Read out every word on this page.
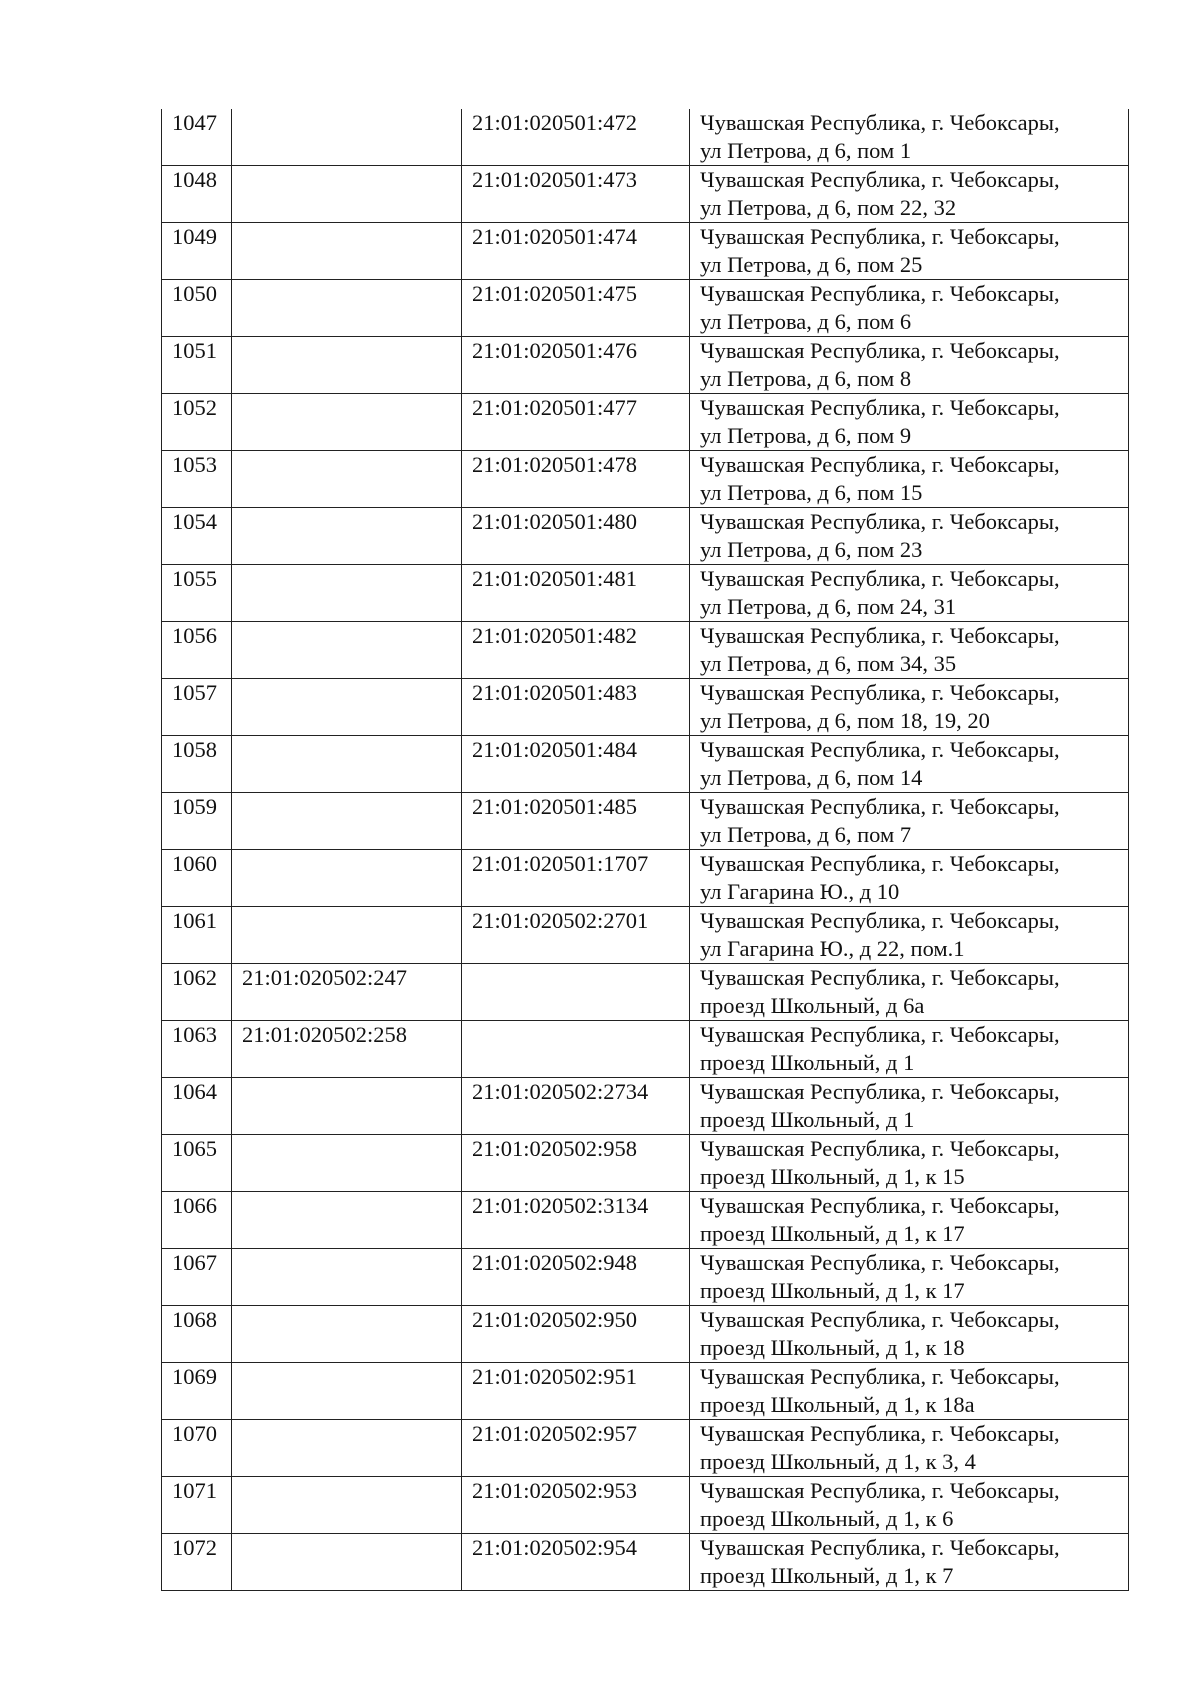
1047		21:01:020501:472	Чувашская Республика, г. Чебоксары,
ул Петрова, д 6, пом 1

1048		21:01:020501:473	Чувашская Республика, г. Чебоксары,
ул Петрова, д 6, пом 22, 32

1049		21:01:020501:474	Чувашская Республика, г. Чебоксары,
ул Петрова, д 6, пом 25

1050		21:01:020501:475	Чувашская Республика, г. Чебоксары,
ул Петрова, д 6, пом 6

1051		21:01:020501:476	Чувашская Республика, г. Чебоксары,
ул Петрова, д 6, пом 8

1052		21:01:020501:477	Чувашская Республика, г. Чебоксары,
ул Петрова, д 6, пом 9

1053		21:01:020501:478	Чувашская Республика, г. Чебоксары,
ул Петрова, д 6, пом 15

1054		21:01:020501:480	Чувашская Республика, г. Чебоксары,
ул Петрова, д 6, пом 23

1055		21:01:020501:481	Чувашская Республика, г. Чебоксары,
ул Петрова, д 6, пом 24, 31

1056		21:01:020501:482	Чувашская Республика, г. Чебоксары,
ул Петрова, д 6, пом 34, 35

1057		21:01:020501:483	Чувашская Республика, г. Чебоксары,
ул Петрова, д 6, пом 18, 19, 20

1058		21:01:020501:484	Чувашская Республика, г. Чебоксары,
ул Петрова, д 6, пом 14

1059		21:01:020501:485	Чувашская Республика, г. Чебоксары,
ул Петрова, д 6, пом 7

1060		21:01:020501:1707	Чувашская Республика, г. Чебоксары,
ул Гагарина Ю., д 10

1061		21:01:020502:2701	Чувашская Республика, г. Чебоксары,
ул Гагарина Ю., д 22, пом.1

1062	21:01:020502:247		Чувашская Республика, г. Чебоксары,
проезд Школьный, д 6а

1063	21:01:020502:258		Чувашская Республика, г. Чебоксары,
проезд Школьный, д 1

1064		21:01:020502:2734	Чувашская Республика, г. Чебоксары,
проезд Школьный, д 1

1065		21:01:020502:958	Чувашская Республика, г. Чебоксары,
проезд Школьный, д 1, к 15

1066		21:01:020502:3134	Чувашская Республика, г. Чебоксары,
проезд Школьный, д 1, к 17

1067		21:01:020502:948	Чувашская Республика, г. Чебоксары,
проезд Школьный, д 1, к 17

1068		21:01:020502:950	Чувашская Республика, г. Чебоксары,
проезд Школьный, д 1, к 18

1069		21:01:020502:951	Чувашская Республика, г. Чебоксары,
проезд Школьный, д 1, к 18а

1070		21:01:020502:957	Чувашская Республика, г. Чебоксары,
проезд Школьный, д 1, к 3, 4

1071		21:01:020502:953	Чувашская Республика, г. Чебоксары,
проезд Школьный, д 1, к 6

1072		21:01:020502:954	Чувашская Республика, г. Чебоксары,
проезд Школьный, д 1, к 7
